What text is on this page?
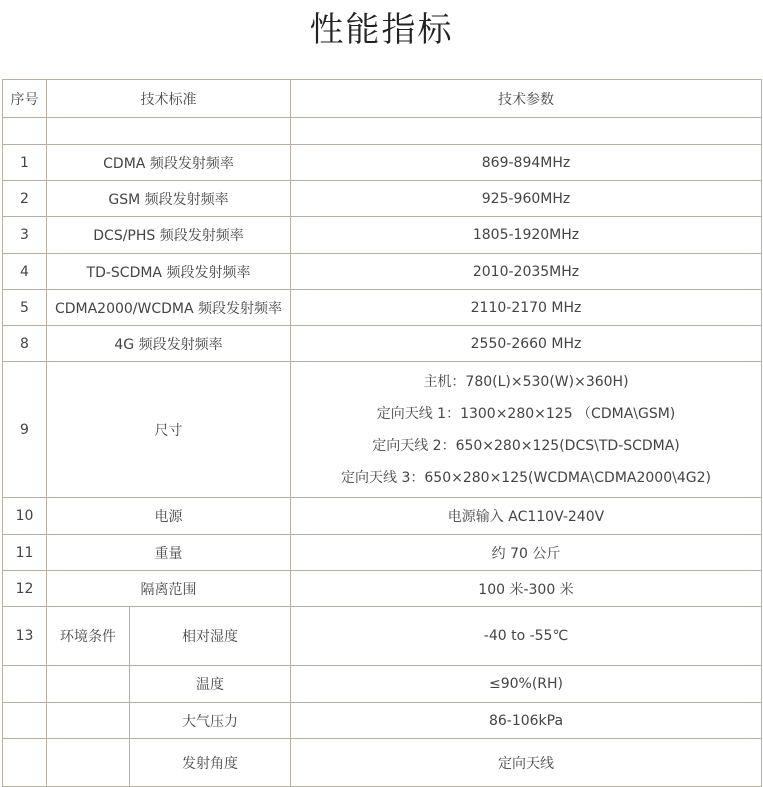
性能指标
序号	技术标准		技术参数

1	CDMA 频段发射频率		869-894MHz
2	GSM 频段发射频率		925-960MHz
3	DCS/PHS 频段发射频率		1805-1920MHz
4	TD-SCDMA 频段发射频率		2010-2035MHz
5	CDMA2000/WCDMA 频段发射频率		2110-2170 MHz
8	4G 频段发射频率		2550-2660 MHz
9	尺寸		主机：780(L)×530(W)×360H)
定向天线 1：1300×280×125 （CDMA\GSM)
定向天线 2：650×280×125(DCS\TD-SCDMA)
定向天线 3：650×280×125(WCDMA\CDMA2000\4G2)

10	电源		电源输入 AC110V-240V
11	重量		约 70 公斤
12	隔离范围		100 米-300 米
13	环境条件	相对湿度	-40 to -55℃
		温度	≤90%(RH)
		大气压力	86-106kPa
		发射角度	定向天线
